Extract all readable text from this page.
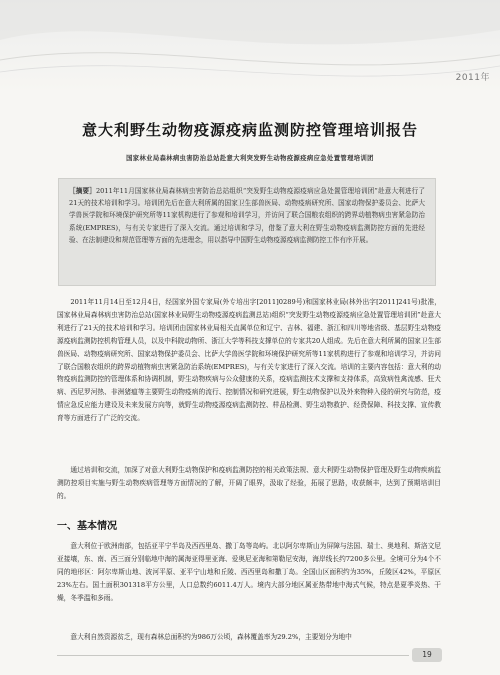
2011年
意大利野生动物疫源疫病监测防控管理培训报告
国家林业局森林病虫害防治总站赴意大利突发野生动物疫源疫病应急处置管理培训团
［摘要］2011年11月国家林业局森林病虫害防治总站组织“突发野生动物疫源疫病应急处置管理培训团”赴意大利进行了21天的技术培训和学习。培训团先后在意大利所属的国家卫生部兽医局、动物疫病研究所、国家动物保护委员会、比萨大学兽医学院和环境保护研究所等11家机构进行了参观和培训学习，并访问了联合国粮农组织的跨界动植物病虫害紧急防治系统(EMPRES)，与有关专家进行了深入交流。通过培训和学习，借鉴了意大利在野生动物疫病监测防控方面的先进经验、在法制建设和规范管理等方面的先进理念，用以指导中国野生动物疫源疫病监测防控工作有序开展。

2011年11月14日至12月4日，经国家外国专家局(外专培出字[2011]0289号)和国家林业局(林外出字[2011]241号)批准，国家林业局森林病虫害防治总站(国家林业局野生动物疫源疫病监测总站)组织“突发野生动物疫源疫病应急处置管理培训团”赴意大利进行了21天的技术培训和学习。培训团由国家林业局相关直属单位和辽宁、吉林、福建、浙江和四川等地省级、基层野生动物疫源疫病监测防控机构管理人员，以及中科院动物所、浙江大学等科技支撑单位的专家共20人组成。先后在意大利所属的国家卫生部兽医局、动物疫病研究所、国家动物保护委员会、比萨大学兽医学院和环境保护研究所等11家机构进行了参观和培训学习，并访问了联合国粮农组织的跨界动植物病虫害紧急防治系统(EMPRES)，与有关专家进行了深入交流。培训的主要内容包括：意大利的动物疫病监测防控的管理体系和协调机制，野生动物疾病与公众健康的关系，疫病监测技术支撑和支持体系，高致病性禽流感、狂犬病、西尼罗河热、非洲猪瘟等主要野生动物疫病的流行、控制情况和研究进展，野生动物保护以及外来物种入侵的研究与防范，疫情应急反应能力建设及未来发展方向等，就野生动物疫源疫病监测防控、样品检测、野生动物救护、经费保障、科技支撑、宣传教育等方面进行了广泛的交流。

通过培训和交流，加深了对意大利野生动物保护和疫病监测防控的相关政策法规、意大利野生动物保护管理及野生动物疾病监测防控项目实施与野生动物疾病管理等方面情况的了解，开阔了眼界，汲取了经验，拓展了思路，收获颇丰，达到了预期培训目的。

一、基本情况

意大利位于欧洲南部，包括亚平宁半岛及西西里岛、撒丁岛等岛屿。北以阿尔卑斯山为屏障与法国、瑞士、奥地利、斯洛文尼亚接壤，东、南、西三面分别临地中海的属海亚得里亚海、爱奥尼亚海和第勒尼安海，海岸线长约7200多公里。全境可分为4个不同的地形区：阿尔卑斯山地、波河平原、亚平宁山地和丘陵、西西里岛和撒丁岛。全国山区面积约为35%，丘陵区42%，平原区23%左右。国土面积301318平方公里，人口总数约6011.4万人。境内大部分地区属亚热带地中海式气候，特点是夏季炎热、干燥，冬季温和多雨。

意大利自然资源贫乏，现有森林总面积约为986万公顷，森林覆盖率为29.2%，主要划分为地中

19
